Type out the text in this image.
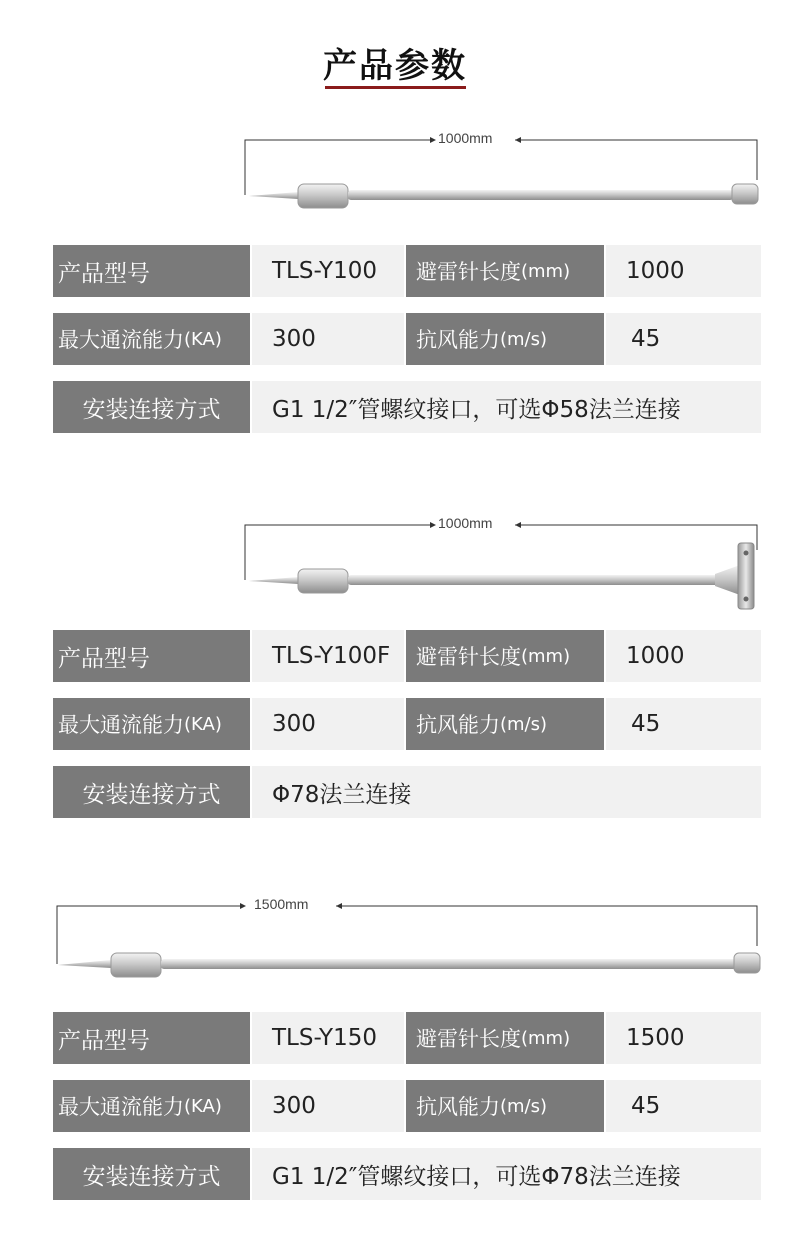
产品参数
1000mm
产品型号	TLS-Y100	避雷针长度 (mm)	1000
最大通流能力 (KA)	300	抗风能力 (m/s)	45
安装连接方式	G1 1/2″管螺纹接口，可选Φ58法兰连接
1000mm
产品型号	TLS-Y100F	避雷针长度 (mm)	1000
最大通流能力 (KA)	300	抗风能力 (m/s)	45
安装连接方式	Φ78法兰连接
1500mm
产品型号	TLS-Y150	避雷针长度 (mm)	1500
最大通流能力 (KA)	300	抗风能力 (m/s)	45
安装连接方式	G1 1/2″管螺纹接口，可选Φ78法兰连接
